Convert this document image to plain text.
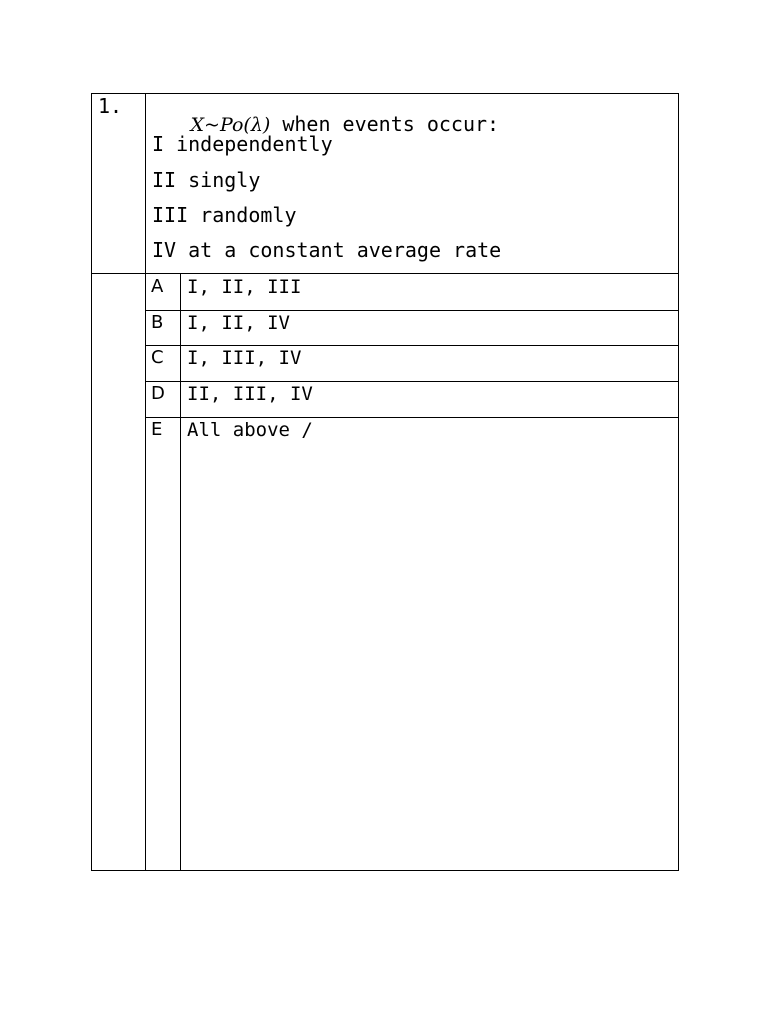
1.

X~Po(λ) when events occur:

I independently
II singly
III randomly
IV at a constant average rate
A I, II, III
B I, II, IV
C I, III, IV
D II, III, IV
E All above /
